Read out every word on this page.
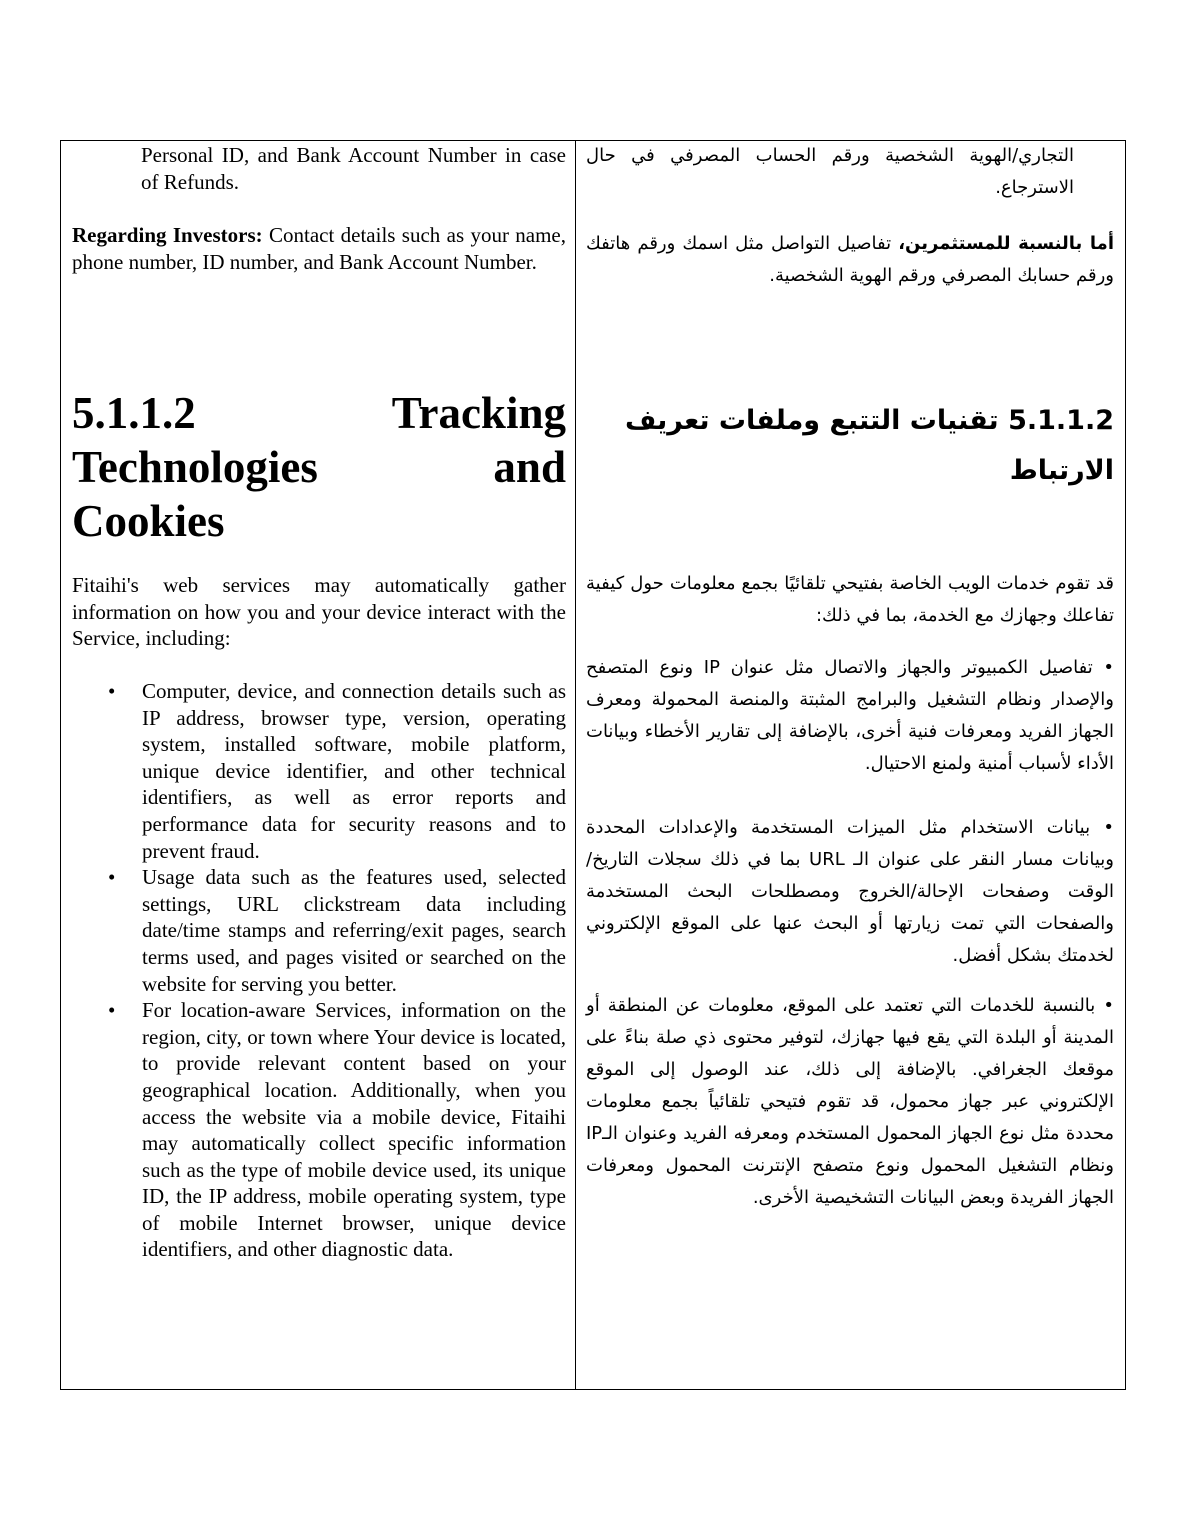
Personal ID, and Bank Account Number in case of Refunds.

Regarding Investors: Contact details such as your name, phone number, ID number, and Bank Account Number.

5.1.1.2 Tracking Technologies and
Cookies

Fitaihi's web services may automatically gather information on how you and your device interact with the Service, including:

• Computer, device, and connection details such as IP address, browser type, version, operating system, installed software, mobile platform, unique device identifier, and other technical identifiers, as well as error reports and performance data for security reasons and to prevent fraud.
• Usage data such as the features used, selected settings, URL clickstream data including date/time stamps and referring/exit pages, search terms used, and pages visited or searched on the website for serving you better.
• For location-aware Services, information on the region, city, or town where Your device is located, to provide relevant content based on your geographical location. Additionally, when you access the website via a mobile device, Fitaihi may automatically collect specific information such as the type of mobile device used, its unique ID, the IP address, mobile operating system, type of mobile Internet browser, unique device identifiers, and other diagnostic data.

التجاري/الهوية الشخصية ورقم الحساب المصرفي في حال الاسترجاع.

أما بالنسبة للمستثمرين، تفاصيل التواصل مثل اسمك ورقم هاتفك ورقم حسابك المصرفي ورقم الهوية الشخصية.

5.1.1.2 تقنيات التتبع وملفات تعريف الارتباط

قد تقوم خدمات الويب الخاصة بفتيحي تلقائيًا بجمع معلومات حول كيفية تفاعلك وجهازك مع الخدمة، بما في ذلك:

• تفاصيل الكمبيوتر والجهاز والاتصال مثل عنوان IP ونوع المتصفح والإصدار ونظام التشغيل والبرامج المثبتة والمنصة المحمولة ومعرف الجهاز الفريد ومعرفات فنية أخرى، بالإضافة إلى تقارير الأخطاء وبيانات الأداء لأسباب أمنية ولمنع الاحتيال.

• بيانات الاستخدام مثل الميزات المستخدمة والإعدادات المحددة وبيانات مسار النقر على عنوان الـ URL بما في ذلك سجلات التاريخ/الوقت وصفحات الإحالة/الخروج ومصطلحات البحث المستخدمة والصفحات التي تمت زيارتها أو البحث عنها على الموقع الإلكتروني لخدمتك بشكل أفضل.

• بالنسبة للخدمات التي تعتمد على الموقع، معلومات عن المنطقة أو المدينة أو البلدة التي يقع فيها جهازك، لتوفير محتوى ذي صلة بناءً على موقعك الجغرافي. بالإضافة إلى ذلك، عند الوصول إلى الموقع الإلكتروني عبر جهاز محمول، قد تقوم فتيحي تلقائياً بجمع معلومات محددة مثل نوع الجهاز المحمول المستخدم ومعرفه الفريد وعنوان الـIP ونظام التشغيل المحمول ونوع متصفح الإنترنت المحمول ومعرفات الجهاز الفريدة وبعض البيانات التشخيصية الأخرى.
